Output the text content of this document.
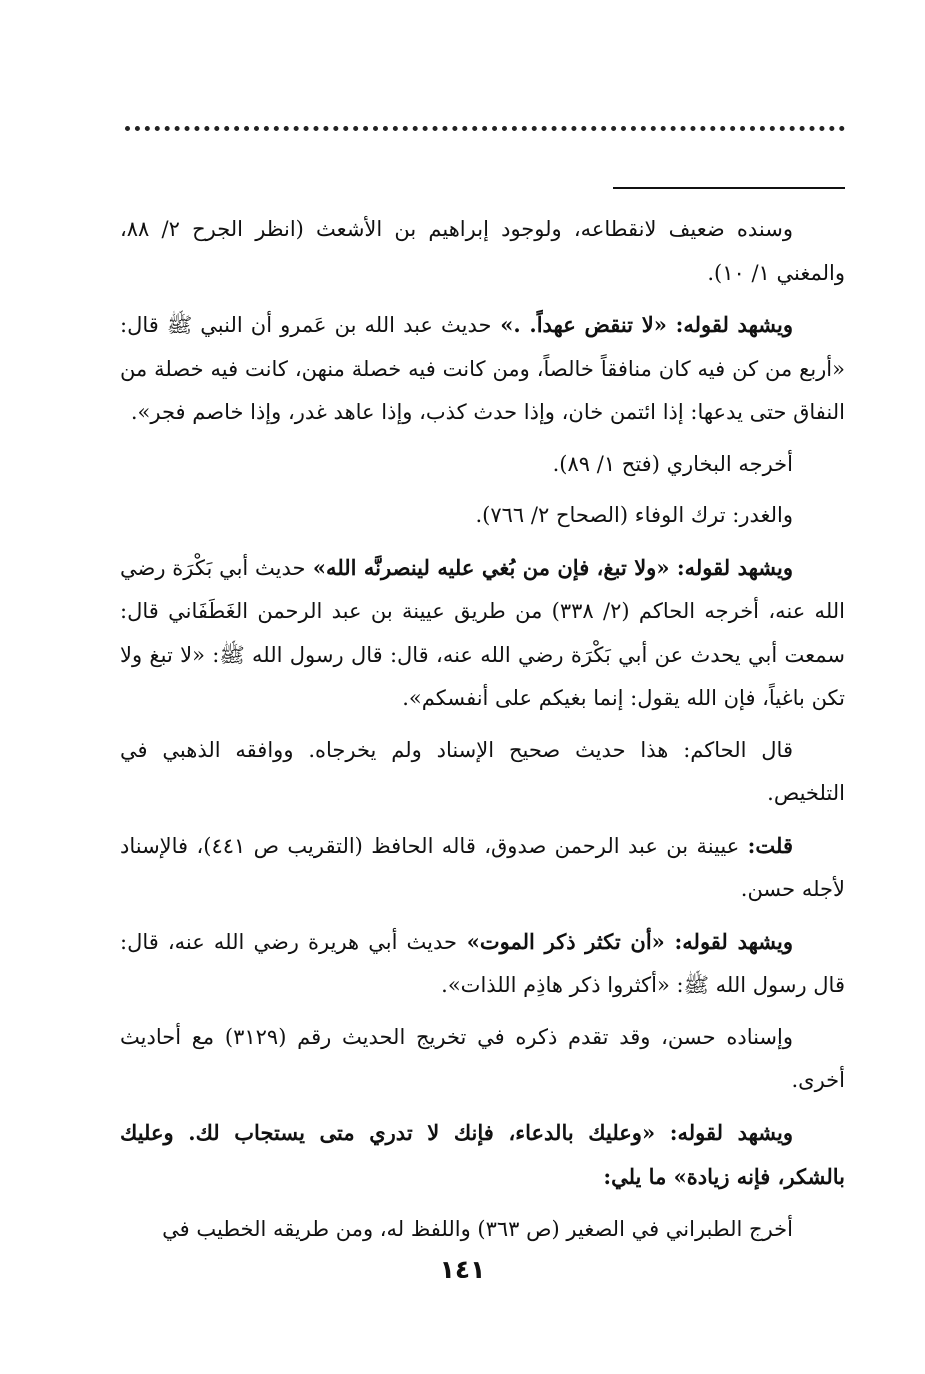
وسنده ضعيف لانقطاعه، ولوجود إبراهيم بن الأشعث (انظر الجرح ٢/ ٨٨، والمغني ١/ ١٠).

ويشهد لقوله: «لا تنقض عهداً. .» حديث عبد الله بن عَمرو أن النبي ﷺ قال: «أربع من كن فيه كان منافقاً خالصاً، ومن كانت فيه خصلة منهن، كانت فيه خصلة من النفاق حتى يدعها: إذا ائتمن خان، وإذا حدث كذب، وإذا عاهد غدر، وإذا خاصم فجر».

أخرجه البخاري (فتح ١/ ٨٩).

والغدر: ترك الوفاء (الصحاح ٢/ ٧٦٦).

ويشهد لقوله: «ولا تبغ، فإن من بُغي عليه لينصرنَّه الله» حديث أبي بَكْرَة رضي الله عنه، أخرجه الحاكم (٢/ ٣٣٨) من طريق عيينة بن عبد الرحمن الغَطَفَاني قال: سمعت أبي يحدث عن أبي بَكْرَة رضي الله عنه، قال: قال رسول الله ﷺ: «لا تبغ ولا تكن باغياً، فإن الله يقول: إنما بغيكم على أنفسكم».

قال الحاكم: هذا حديث صحيح الإسناد ولم يخرجاه. ووافقه الذهبي في التلخيص.

قلت: عيينة بن عبد الرحمن صدوق، قاله الحافظ (التقريب ص ٤٤١)، فالإسناد لأجله حسن.

ويشهد لقوله: «أن تكثر ذكر الموت» حديث أبي هريرة رضي الله عنه، قال: قال رسول الله ﷺ: «أكثروا ذكر هاذِم اللذات».

وإسناده حسن، وقد تقدم ذكره في تخريج الحديث رقم (٣١٢٩) مع أحاديث أخرى.

ويشهد لقوله: «وعليك بالدعاء، فإنك لا تدري متى يستجاب لك. وعليك بالشكر، فإنه زيادة» ما يلي:

أخرج الطبراني في الصغير (ص ٣٦٣) واللفظ له، ومن طريقه الخطيب في

١٤١
